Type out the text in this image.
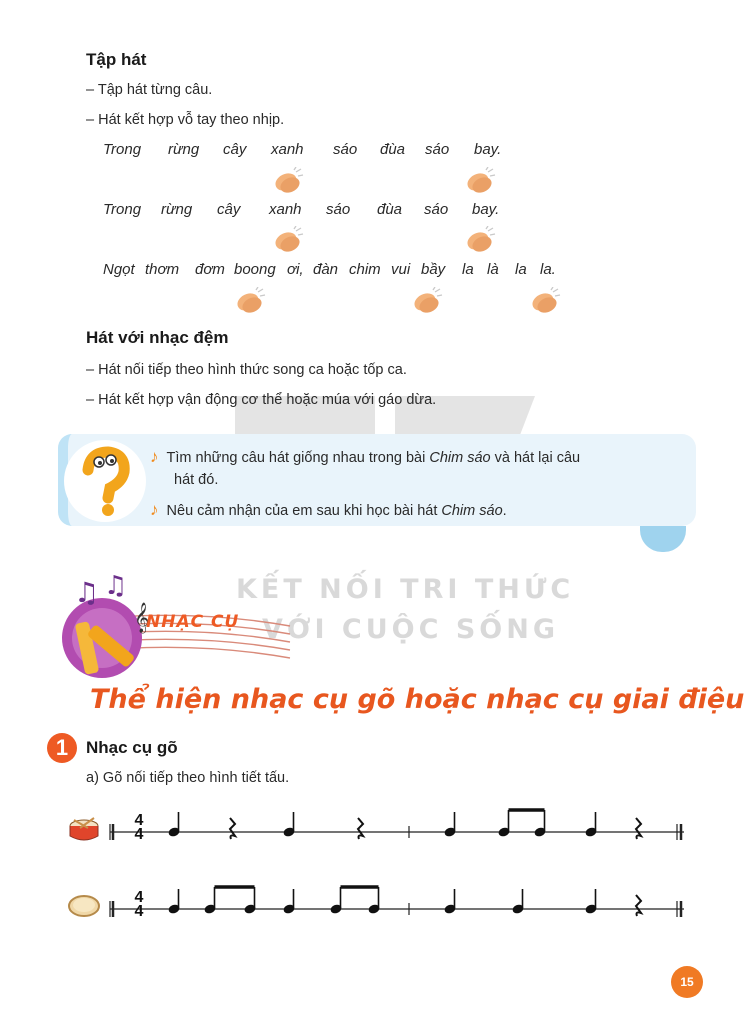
KẾT NỐI TRI THỨC
VỚI CUỘC SỐNG
Tập hát
– Tập hát từng câu.
– Hát kết hợp vỗ tay theo nhịp.
Trong rừng cây xanh sáo đùa sáo bay.
Trong rừng cây xanh sáo đùa sáo bay.
Ngọt thơm đơm boong ơi, đàn chim vui bầy la là la la.
Hát với nhạc đệm
– Hát nối tiếp theo hình thức song ca hoặc tốp ca.
– Hát kết hợp vận động cơ thể hoặc múa với gáo dừa.
♪ Tìm những câu hát giống nhau trong bài Chim sáo và hát lại câu
hát đó.
♪ Nêu cảm nhận của em sau khi học bài hát Chim sáo.
♫ ♫
𝄞
NHẠC CỤ
Thể hiện nhạc cụ gõ hoặc nhạc cụ giai điệu
1	Nhạc cụ gõ
a) Gõ nối tiếp theo hình tiết tấu.
4
4
4
4
15
